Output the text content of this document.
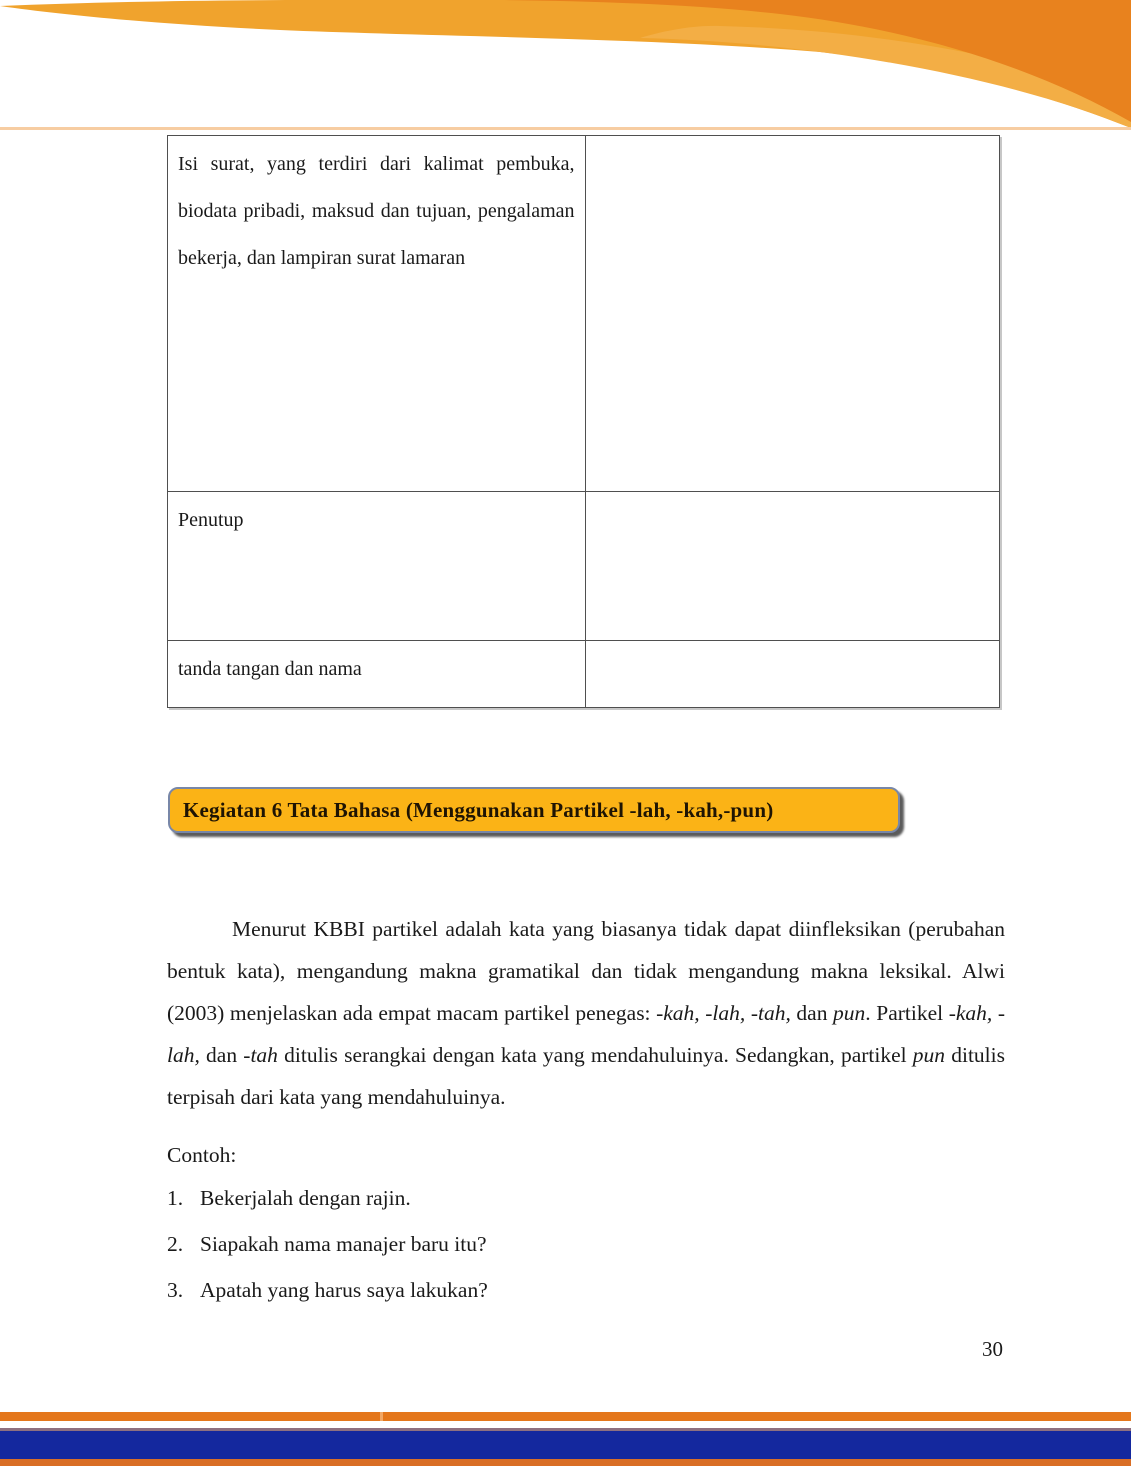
Isi surat, yang terdiri dari kalimat pembuka, biodata pribadi, maksud dan tujuan, pengalaman bekerja, dan lampiran surat lamaran	
Penutup	
tanda tangan dan nama	
Kegiatan 6 Tata Bahasa (Menggunakan Partikel -lah, -kah,-pun)

Menurut KBBI partikel adalah kata yang biasanya tidak dapat diinfleksikan (perubahan bentuk kata), mengandung makna gramatikal dan tidak mengandung makna leksikal. Alwi (2003) menjelaskan ada empat macam partikel penegas: -kah, -lah, -tah, dan pun. Partikel -kah, -lah, dan -tah ditulis serangkai dengan kata yang mendahuluinya. Sedangkan, partikel pun ditulis terpisah dari kata yang mendahuluinya.

Contoh:
1. Bekerjalah dengan rajin.
2. Siapakah nama manajer baru itu?
3. Apatah yang harus saya lakukan?
30
